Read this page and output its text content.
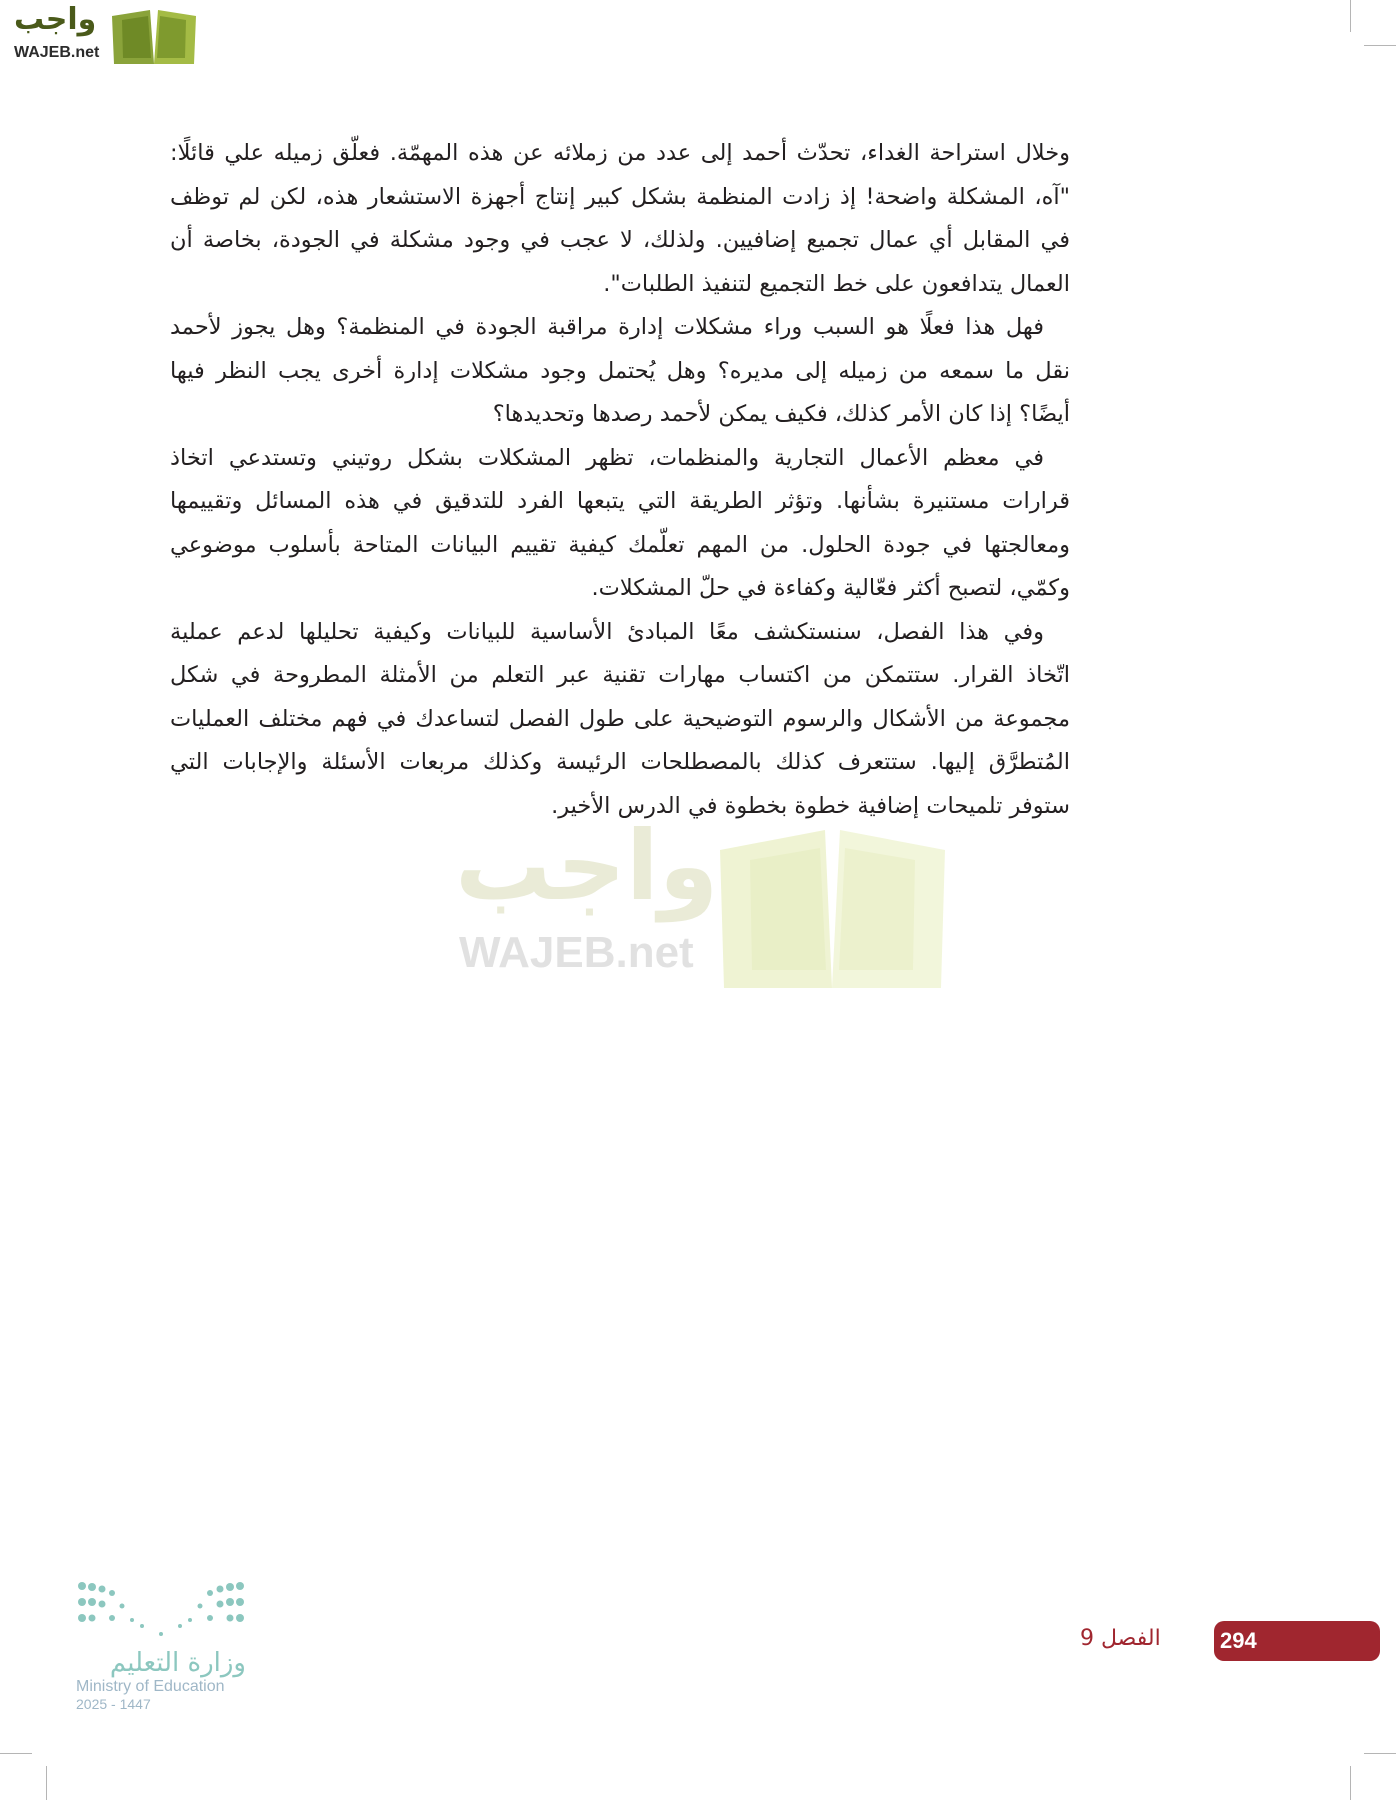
واجب
WAJEB.net
وخلال استراحة الغداء، تحدّث أحمد إلى عدد من زملائه عن هذه المهمّة. فعلّق زميله علي قائلًا:
"آه، المشكلة واضحة! إذ زادت المنظمة بشكل كبير إنتاج أجهزة الاستشعار هذه، لكن لم توظف
في المقابل أي عمال تجميع إضافيين. ولذلك، لا عجب في وجود مشكلة في الجودة، بخاصة أن
العمال يتدافعون على خط التجميع لتنفيذ الطلبات".
فهل هذا فعلًا هو السبب وراء مشكلات إدارة مراقبة الجودة في المنظمة؟ وهل يجوز لأحمد
نقل ما سمعه من زميله إلى مديره؟ وهل يُحتمل وجود مشكلات إدارة أخرى يجب النظر فيها
أيضًا؟ إذا كان الأمر كذلك، فكيف يمكن لأحمد رصدها وتحديدها؟
في معظم الأعمال التجارية والمنظمات، تظهر المشكلات بشكل روتيني وتستدعي اتخاذ
قرارات مستنيرة بشأنها. وتؤثر الطريقة التي يتبعها الفرد للتدقيق في هذه المسائل وتقييمها
ومعالجتها في جودة الحلول. من المهم تعلّمك كيفية تقييم البيانات المتاحة بأسلوب موضوعي
وكمّي، لتصبح أكثر فعّالية وكفاءة في حلّ المشكلات.
وفي هذا الفصل، سنستكشف معًا المبادئ الأساسية للبيانات وكيفية تحليلها لدعم عملية
اتّخاذ القرار. ستتمكن من اكتساب مهارات تقنية عبر التعلم من الأمثلة المطروحة في شكل
مجموعة من الأشكال والرسوم التوضيحية على طول الفصل لتساعدك في فهم مختلف العمليات
المُتطرَّق إليها. ستتعرف كذلك بالمصطلحات الرئيسة وكذلك مربعات الأسئلة والإجابات التي
ستوفر تلميحات إضافية خطوة بخطوة في الدرس الأخير.
واجب
WAJEB.net
وزارة التعليم
Ministry of Education
2025 - 1447
الفصل 9	294
